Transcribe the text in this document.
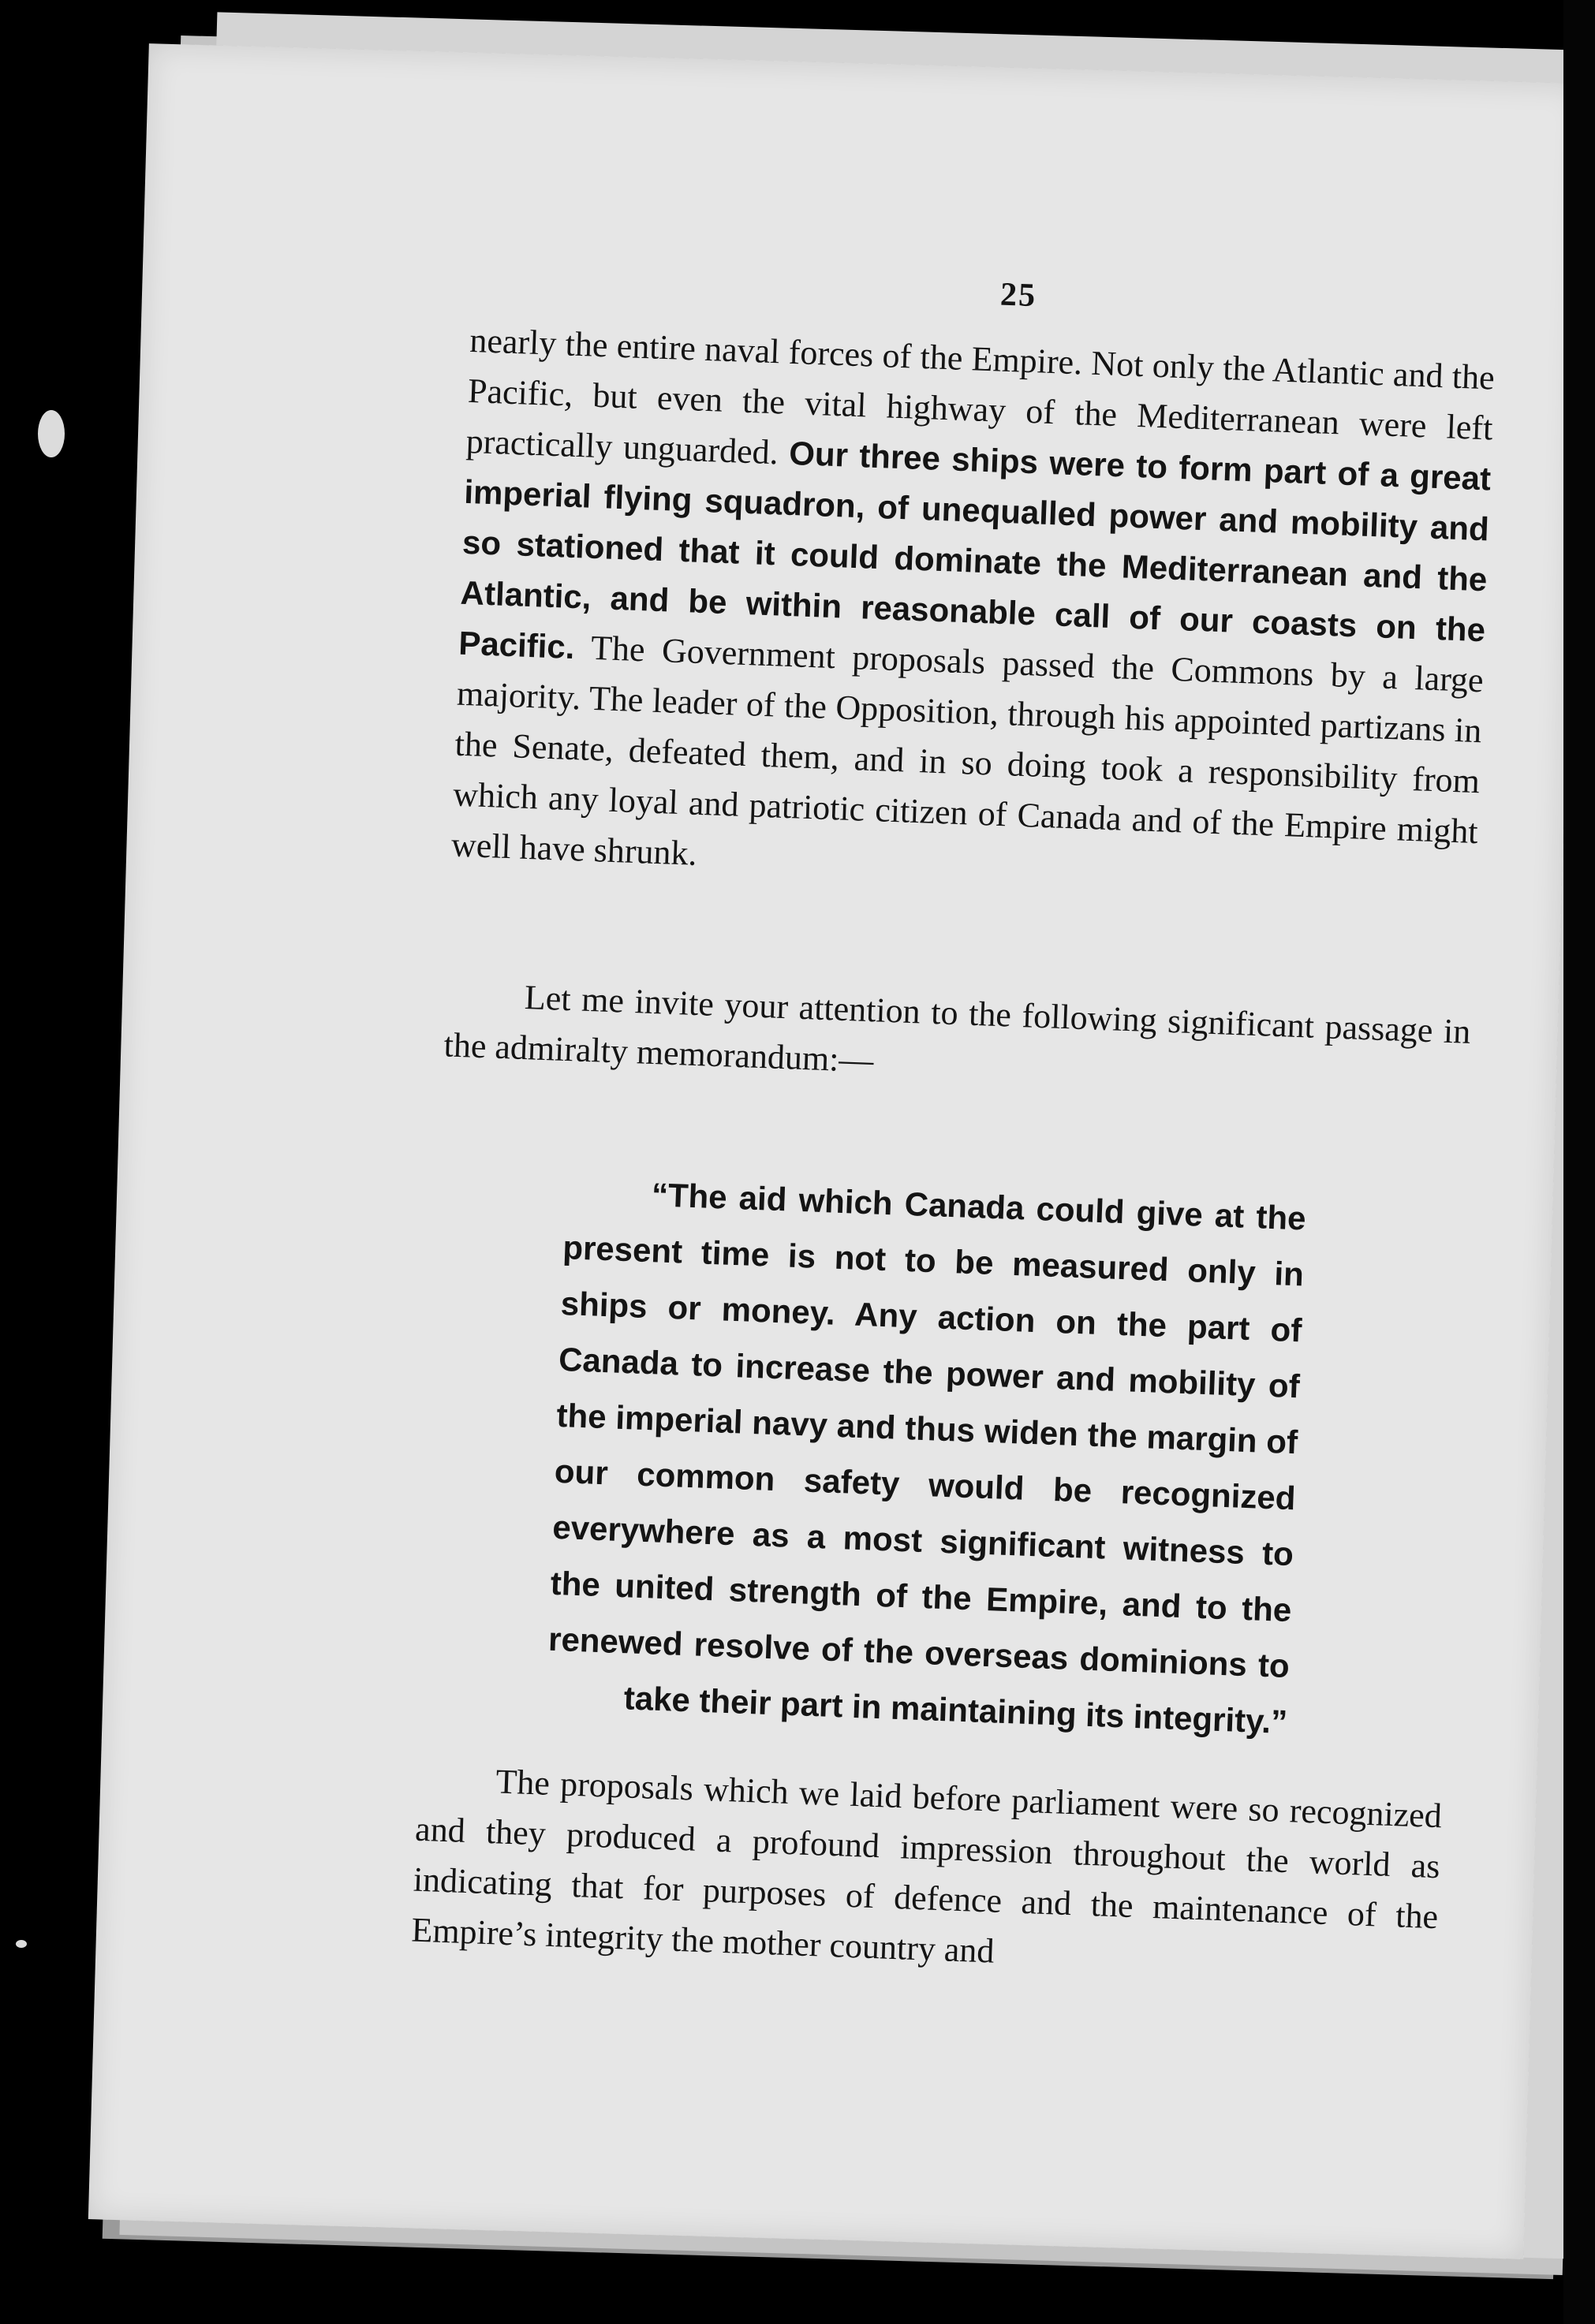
25

nearly the entire naval forces of the Empire. Not only the Atlantic and the Pacific, but even the vital highway of the Mediterranean were left practically unguarded. Our three ships were to form part of a great imperial flying squadron, of unequalled power and mobility and so stationed that it could dominate the Mediterranean and the Atlantic, and be within reasonable call of our coasts on the Pacific. The Government proposals passed the Commons by a large majority. The leader of the Opposition, through his appointed partizans in the Senate, defeated them, and in so doing took a responsibility from which any loyal and patriotic citizen of Canada and of the Empire might well have shrunk.

Let me invite your attention to the following significant passage in the admiralty memorandum:—

“The aid which Canada could give at the present time is not to be measured only in ships or money. Any action on the part of Canada to increase the power and mobility of the imperial navy and thus widen the margin of our common safety would be recognized everywhere as a most significant witness to the united strength of the Empire, and to the renewed resolve of the overseas dominions to take their part in maintaining its integrity.”

The proposals which we laid before parliament were so recognized and they produced a profound impression throughout the world as indicating that for purposes of defence and the maintenance of the Empire’s integrity the mother country and
